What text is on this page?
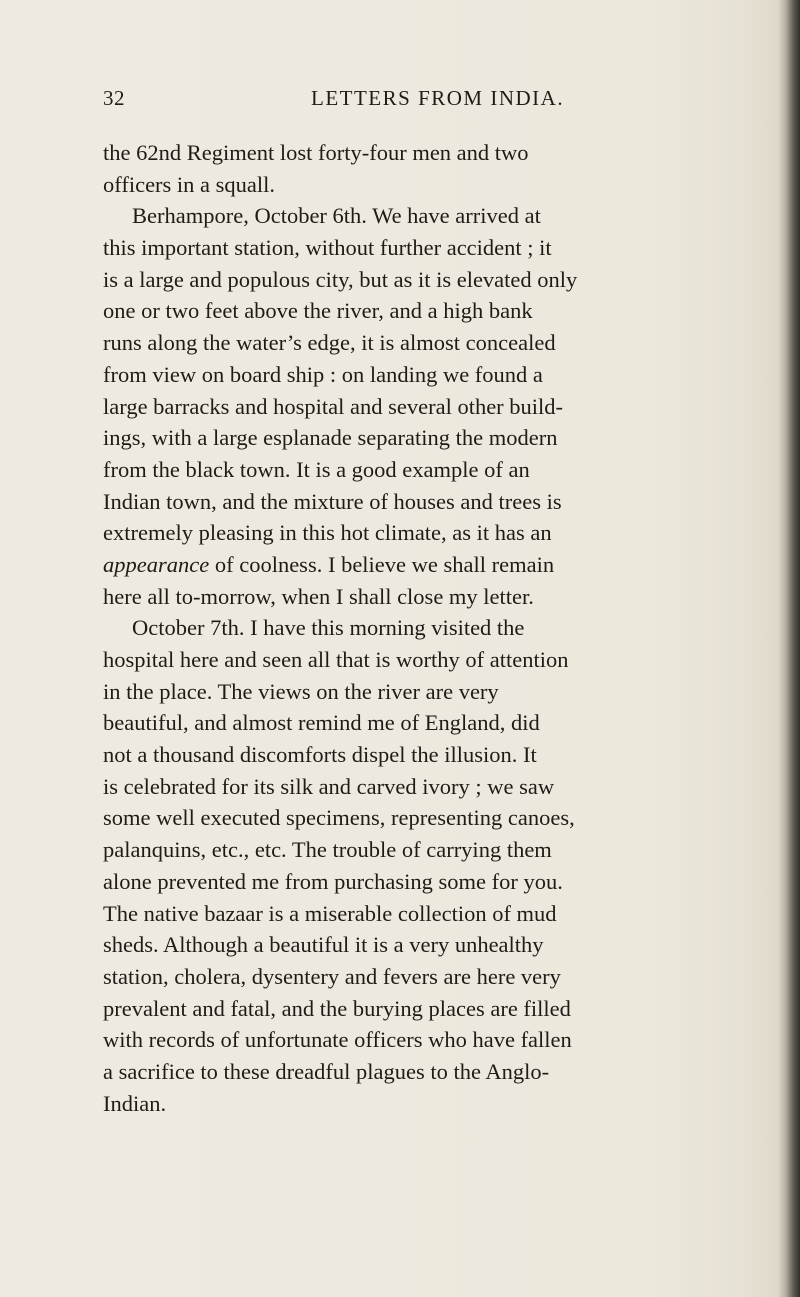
32	LETTERS FROM INDIA.
the 62nd Regiment lost forty-four men and two
officers in a squall.
Berhampore, October 6th. We have arrived at
this important station, without further accident ; it
is a large and populous city, but as it is elevated only
one or two feet above the river, and a high bank
runs along the water’s edge, it is almost concealed
from view on board ship : on landing we found a
large barracks and hospital and several other build-
ings, with a large esplanade separating the modern
from the black town. It is a good example of an
Indian town, and the mixture of houses and trees is
extremely pleasing in this hot climate, as it has an
appearance of coolness. I believe we shall remain
here all to-morrow, when I shall close my letter.
October 7th. I have this morning visited the
hospital here and seen all that is worthy of attention
in the place. The views on the river are very
beautiful, and almost remind me of England, did
not a thousand discomforts dispel the illusion. It
is celebrated for its silk and carved ivory ; we saw
some well executed specimens, representing canoes,
palanquins, etc., etc. The trouble of carrying them
alone prevented me from purchasing some for you.
The native bazaar is a miserable collection of mud
sheds. Although a beautiful it is a very unhealthy
station, cholera, dysentery and fevers are here very
prevalent and fatal, and the burying places are filled
with records of unfortunate officers who have fallen
a sacrifice to these dreadful plagues to the Anglo-
Indian.
